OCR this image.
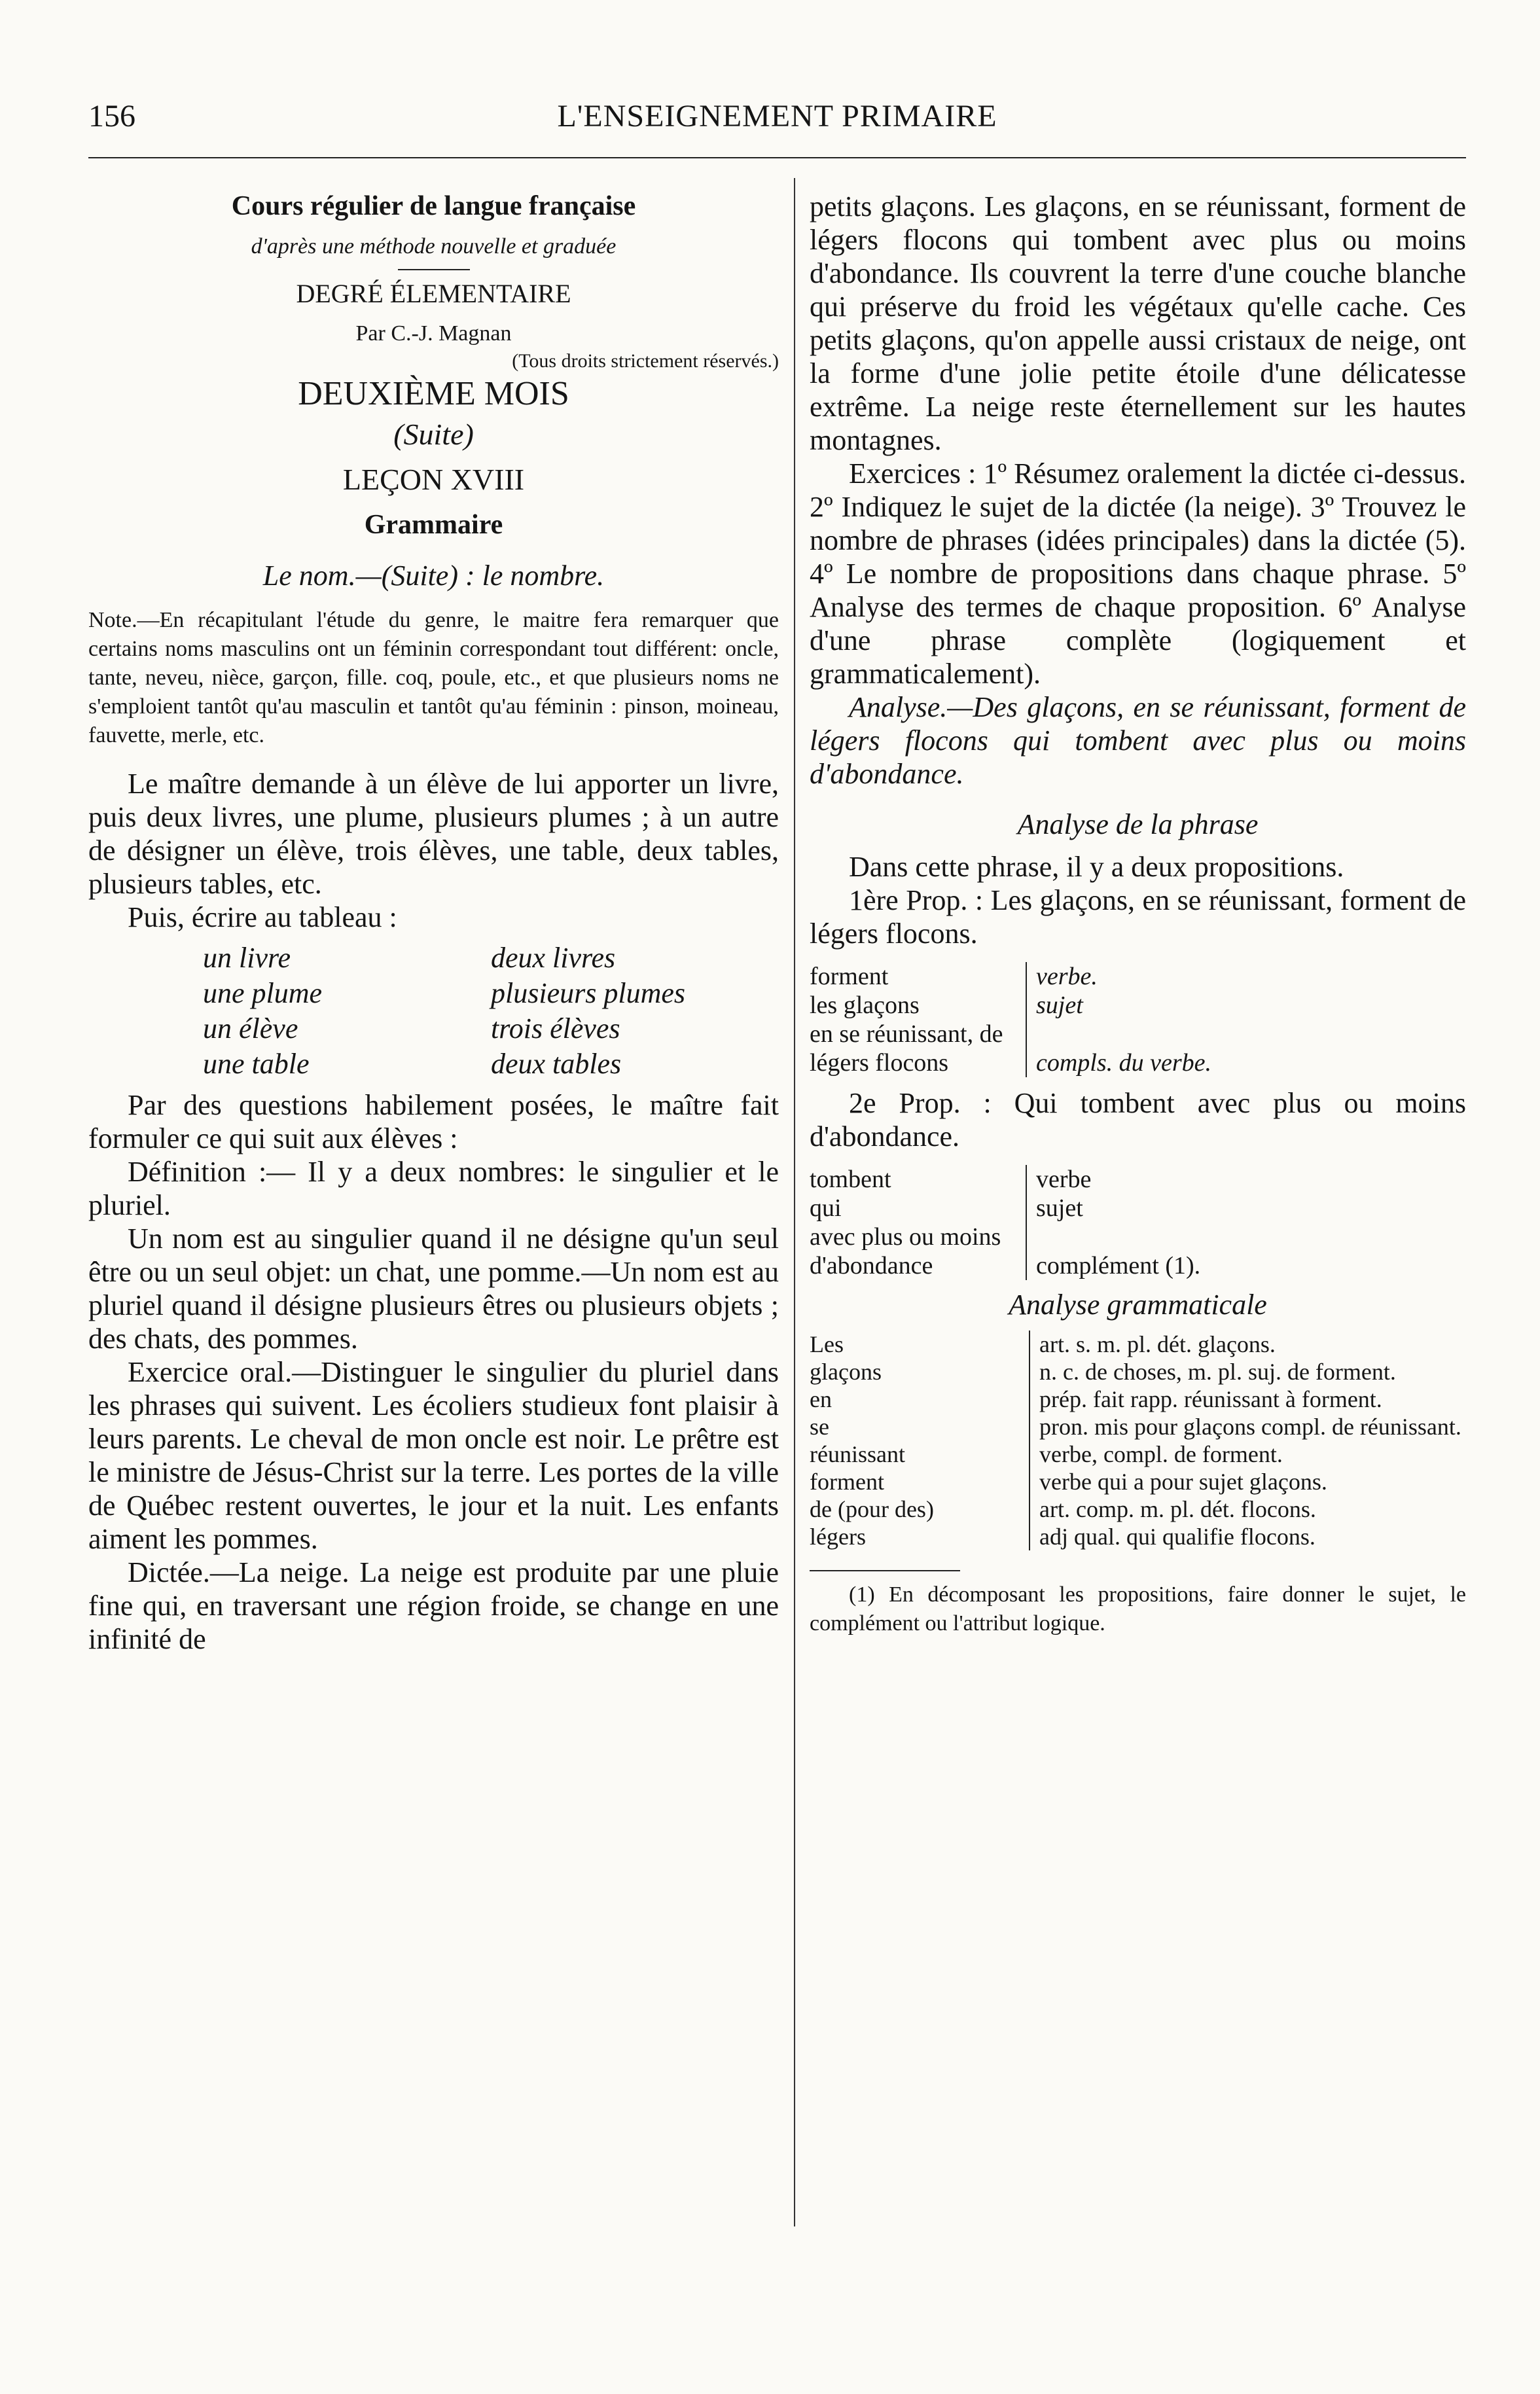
156	L'ENSEIGNEMENT PRIMAIRE

Cours régulier de langue française

d'après une méthode nouvelle et graduée

DEGRÉ ÉLEMENTAIRE

Par C.-J. Magnan

(Tous droits strictement réservés.)

DEUXIÈME MOIS

(Suite)

LEÇON XVIII

Grammaire

Le nom.—(Suite) : le nombre.

Note.—En récapitulant l'étude du genre, le maitre fera remarquer que certains noms masculins ont un féminin correspondant tout différent: oncle, tante, neveu, nièce, garçon, fille. coq, poule, etc., et que plusieurs noms ne s'emploient tantôt qu'au masculin et tantôt qu'au féminin : pinson, moineau, fauvette, merle, etc.

Le maître demande à un élève de lui apporter un livre, puis deux livres, une plume, plusieurs plumes ; à un autre de désigner un élève, trois élèves, une table, deux tables, plusieurs tables, etc.

Puis, écrire au tableau :

un livre	deux livres
une plume	plusieurs plumes
un élève	trois élèves
une table	deux tables

Par des questions habilement posées, le maître fait formuler ce qui suit aux élèves :

Définition :— Il y a deux nombres: le singulier et le pluriel.

Un nom est au singulier quand il ne désigne qu'un seul être ou un seul objet: un chat, une pomme.—Un nom est au pluriel quand il désigne plusieurs êtres ou plusieurs objets ; des chats, des pommes.

Exercice oral.—Distinguer le singulier du pluriel dans les phrases qui suivent. Les écoliers studieux font plaisir à leurs parents. Le cheval de mon oncle est noir. Le prêtre est le ministre de Jésus-Christ sur la terre. Les portes de la ville de Québec restent ouvertes, le jour et la nuit. Les enfants aiment les pommes.

Dictée.—La neige. La neige est produite par une pluie fine qui, en traversant une région froide, se change en une infinité de

petits glaçons. Les glaçons, en se réunissant, forment de légers flocons qui tombent avec plus ou moins d'abondance. Ils couvrent la terre d'une couche blanche qui préserve du froid les végétaux qu'elle cache. Ces petits glaçons, qu'on appelle aussi cristaux de neige, ont la forme d'une jolie petite étoile d'une délicatesse extrême. La neige reste éternellement sur les hautes montagnes.

Exercices : 1º Résumez oralement la dictée ci-dessus. 2º Indiquez le sujet de la dictée (la neige). 3º Trouvez le nombre de phrases (idées principales) dans la dictée (5). 4º Le nombre de propositions dans chaque phrase. 5º Analyse des termes de chaque proposition. 6º Analyse d'une phrase complète (logiquement et grammaticalement).

Analyse.—Des glaçons, en se réunissant, forment de légers flocons qui tombent avec plus ou moins d'abondance.

Analyse de la phrase

Dans cette phrase, il y a deux propositions.

1ère Prop. : Les glaçons, en se réunissant, forment de légers flocons.

forment	verbe.
les glaçons	sujet
en se réunissant, de légers flocons	compls. du verbe.

2e Prop. : Qui tombent avec plus ou moins d'abondance.

tombent	verbe
qui	sujet
avec plus ou moins d'abondance	complément (1).

Analyse grammaticale

Les	art. s. m. pl. dét. glaçons.
glaçons	n. c. de choses, m. pl. suj. de forment.
en	prép. fait rapp. réunissant à forment.
se	pron. mis pour glaçons compl. de réunissant.
réunissant	verbe, compl. de forment.
forment	verbe qui a pour sujet glaçons.
de (pour des)	art. comp. m. pl. dét. flocons.
légers	adj qual. qui qualifie flocons.

(1) En décomposant les propositions, faire donner le sujet, le complément ou l'attribut logique.
